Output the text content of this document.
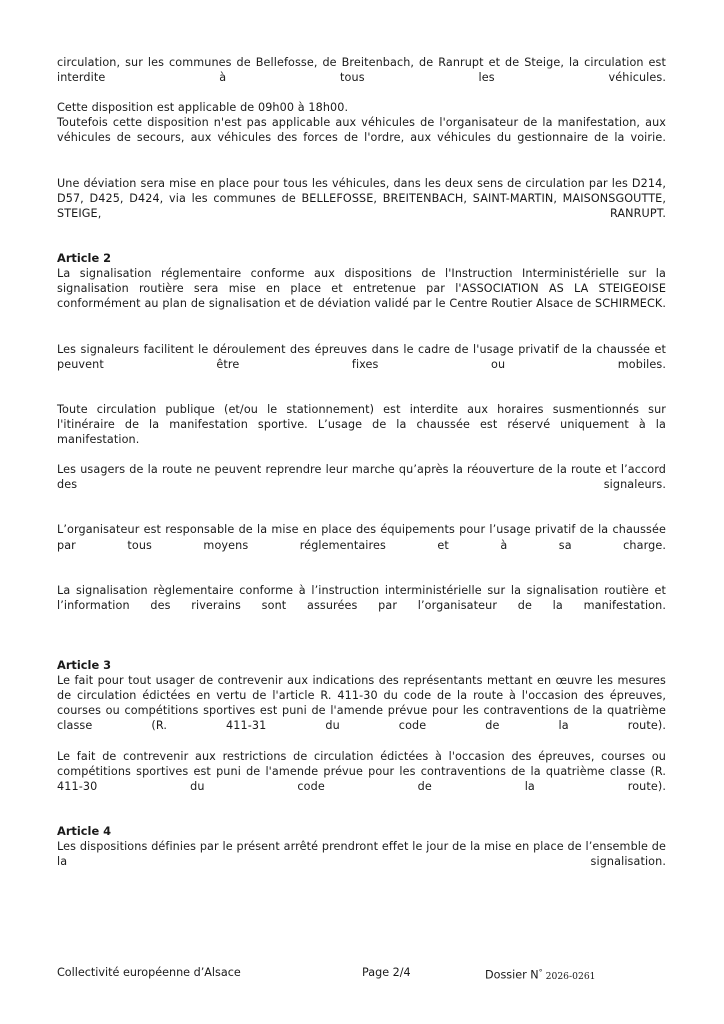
circulation, sur les communes de Bellefosse, de Breitenbach, de Ranrupt et de Steige, la circulation est interdite à tous les véhicules.

Cette disposition est applicable de 09h00 à 18h00.

Toutefois cette disposition n'est pas applicable aux véhicules de l'organisateur de la manifestation, aux véhicules de secours, aux véhicules des forces de l'ordre, aux véhicules du gestionnaire de la voirie.

Une déviation sera mise en place pour tous les véhicules, dans les deux sens de circulation par les D214, D57, D425, D424, via les communes de BELLEFOSSE, BREITENBACH, SAINT-MARTIN, MAISONSGOUTTE, STEIGE, RANRUPT.

Article 2

La signalisation réglementaire conforme aux dispositions de l'Instruction Interministérielle sur la signalisation routière sera mise en place et entretenue par l'ASSOCIATION AS LA STEIGEOISE conformément au plan de signalisation et de déviation validé par le Centre Routier Alsace de SCHIRMECK.

Les signaleurs facilitent le déroulement des épreuves dans le cadre de l'usage privatif de la chaussée et peuvent être fixes ou mobiles.

Toute circulation publique (et/ou le stationnement) est interdite aux horaires susmentionnés sur l'itinéraire de la manifestation sportive. L’usage de la chaussée est réservé uniquement à la manifestation.

Les usagers de la route ne peuvent reprendre leur marche qu’après la réouverture de la route et l’accord des signaleurs.

L’organisateur est responsable de la mise en place des équipements pour l’usage privatif de la chaussée par tous moyens réglementaires et à sa charge.

La signalisation règlementaire conforme à l’instruction interministérielle sur la signalisation routière et l’information des riverains sont assurées par l’organisateur de la manifestation.

Article 3

Le fait pour tout usager de contrevenir aux indications des représentants mettant en œuvre les mesures de circulation édictées en vertu de l'article R. 411-30 du code de la route à l'occasion des épreuves, courses ou compétitions sportives est puni de l'amende prévue pour les contraventions de la quatrième classe (R. 411-31 du code de la route).

Le fait de contrevenir aux restrictions de circulation édictées à l'occasion des épreuves, courses ou compétitions sportives est puni de l'amende prévue pour les contraventions de la quatrième classe (R. 411-30 du code de la route).

Article 4

Les dispositions définies par le présent arrêté prendront effet le jour de la mise en place de l’ensemble de la signalisation.

Collectivité européenne d’Alsace	Page 2/4	Dossier N° 2026-0261
